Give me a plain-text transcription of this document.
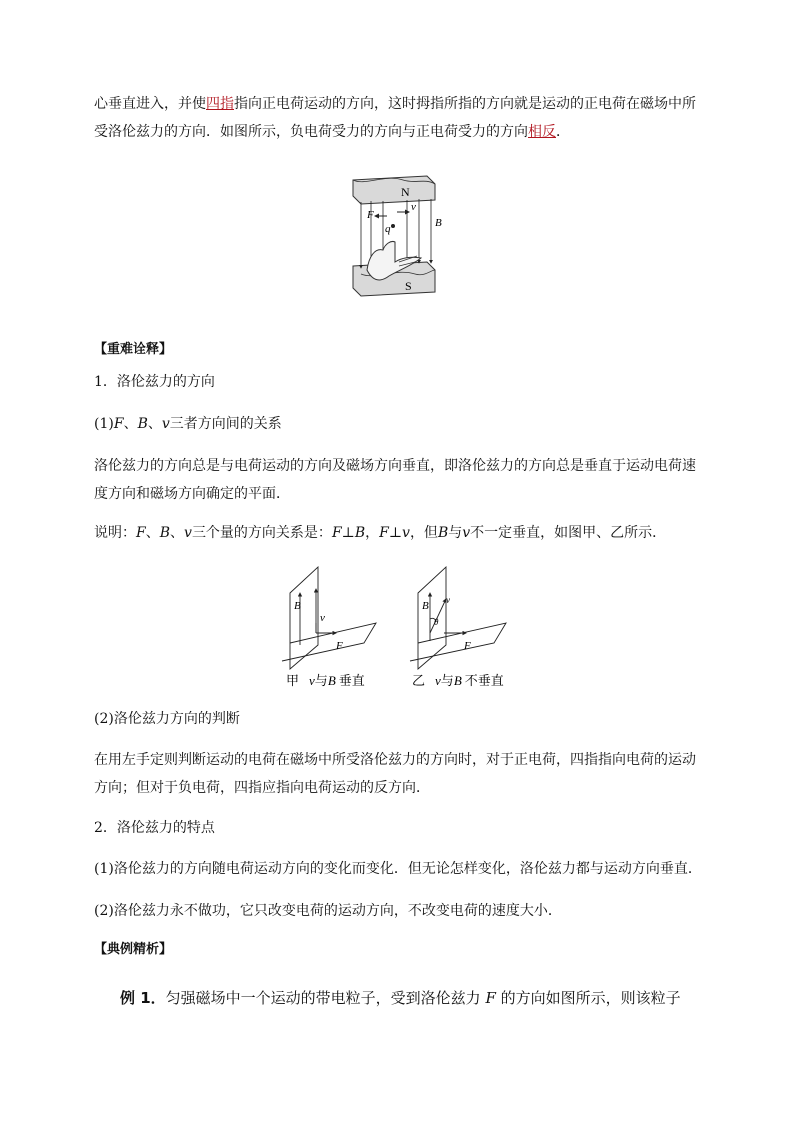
心垂直进入，并使四指指向正电荷运动的方向，这时拇指所指的方向就是运动的正电荷在磁场中所

受洛伦兹力的方向．如图所示，负电荷受力的方向与正电荷受力的方向相反．

N
S
F
v
q	B

【重难诠释】

1．洛伦兹力的方向

(1)F、B、v三者方向间的关系

洛伦兹力的方向总是与电荷运动的方向及磁场方向垂直，即洛伦兹力的方向总是垂直于运动电荷速

度方向和磁场方向确定的平面．

说明：F、B、v三个量的方向关系是：F⊥B，F⊥v，但B与v不一定垂直，如图甲、乙所示．

B
v
F
甲 v与B 垂直
B
θ
v
F
乙 v与B 不垂直

(2)洛伦兹力方向的判断

在用左手定则判断运动的电荷在磁场中所受洛伦兹力的方向时，对于正电荷，四指指向电荷的运动

方向；但对于负电荷，四指应指向电荷运动的反方向．

2．洛伦兹力的特点

(1)洛伦兹力的方向随电荷运动方向的变化而变化．但无论怎样变化，洛伦兹力都与运动方向垂直．

(2)洛伦兹力永不做功，它只改变电荷的运动方向，不改变电荷的速度大小．

【典例精析】

例 1．匀强磁场中一个运动的带电粒子，受到洛伦兹力 F 的方向如图所示，则该粒子
